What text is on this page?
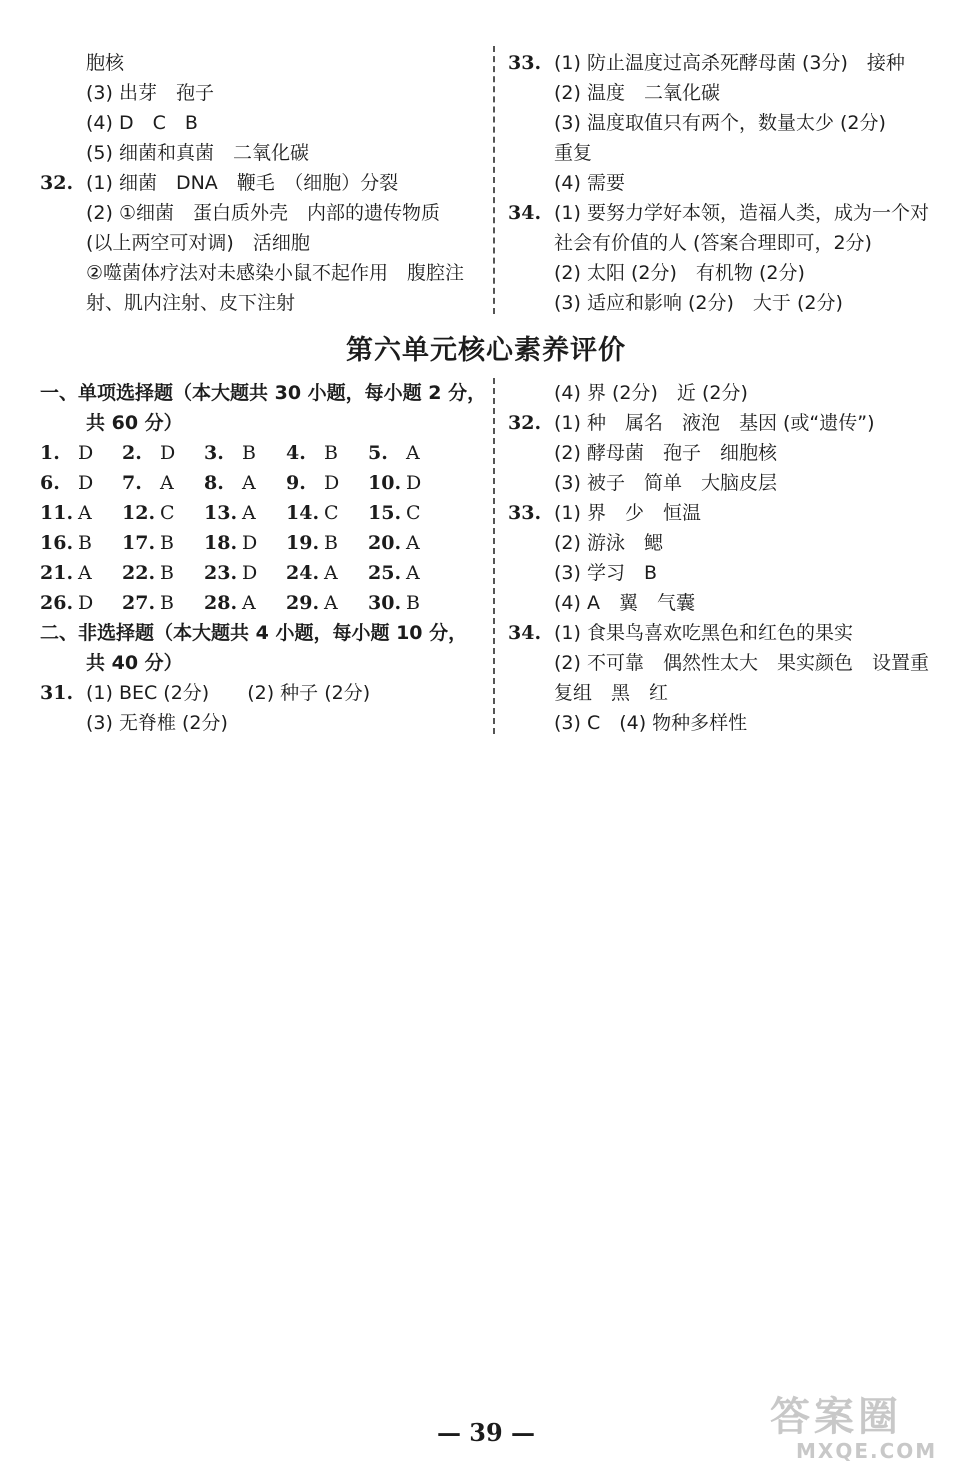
胞核
(3) 出芽　孢子
(4) D　C　B
(5) 细菌和真菌　二氧化碳
32. (1) 细菌　DNA　鞭毛　（细胞）分裂
(2) ①细菌　蛋白质外壳　内部的遗传物质
(以上两空可对调)　活细胞
②噬菌体疗法对未感染小鼠不起作用　腹腔注
射、肌内注射、皮下注射
33. (1) 防止温度过高杀死酵母菌 (3分)　接种
(2) 温度　二氧化碳
(3) 温度取值只有两个，数量太少 (2分)
重复
(4) 需要
34. (1) 要努力学好本领，造福人类，成为一个对
社会有价值的人 (答案合理即可，2分)
(2) 太阳 (2分)　有机物 (2分)
(3) 适应和影响 (2分)　大于 (2分)
第六单元核心素养评价
一、单项选择题（本大题共 30 小题，每小题 2 分，
共 60 分）
1. D 2. D 3. B 4. B 5. A
6. D 7. A 8. A 9. D 10. D
11. A 12. C 13. A 14. C 15. C
16. B 17. B 18. D 19. B 20. A
21. A 22. B 23. D 24. A 25. A
26. D 27. B 28. A 29. A 30. B
二、非选择题（本大题共 4 小题，每小题 10 分，
共 40 分）
31. (1) BEC (2分)　　(2) 种子 (2分)
(3) 无脊椎 (2分)
(4) 界 (2分)　近 (2分)
32. (1) 种　属名　液泡　基因 (或“遗传”)
(2) 酵母菌　孢子　细胞核
(3) 被子　简单　大脑皮层
33. (1) 界　少　恒温
(2) 游泳　鳃
(3) 学习　B
(4) A　翼　气囊
34. (1) 食果鸟喜欢吃黑色和红色的果实
(2) 不可靠　偶然性太大　果实颜色　设置重
复组　黑　红
(3) C　(4) 物种多样性
— 39 —	答案圈
MXQE.COM
